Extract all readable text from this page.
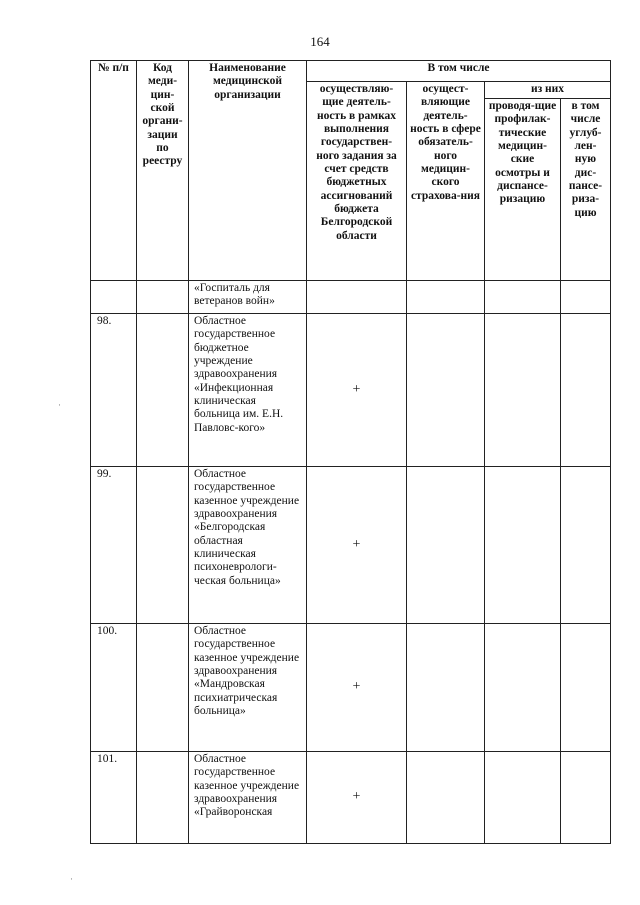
164
№ п/п	Код меди-цин-ской органи-зации по реестру	Наименование медицинской организации	В том числе			
			осуществляю-щие деятель-ность в рамках выполнения государствен-ного задания за счет средств бюджетных ассигнований бюджета Белгородской области	осущест-вляющие деятель-ность в сфере обязатель-ного медицин-ского страхова-ния	из них	
					проводя-щие профилак-тические медицин-ские осмотры и диспансе-ризацию	в том числе углуб-лен-ную дис-пансе-риза-цию
		«Госпиталь для ветеранов войн»				
98.		Областное государственное бюджетное учреждение здравоохранения «Инфекционная клиническая больница им. Е.Н. Павловс-кого»	+			
99.		Областное государственное казенное учреждение здравоохранения «Белгородская областная клиническая психоневрологи-ческая больница»	+			
100.		Областное государственное казенное учреждение здравоохранения «Мандровская психиатрическая больница»	+			
101.		Областное государственное казенное учреждение здравоохранения «Грайворонская	+			
·
·
